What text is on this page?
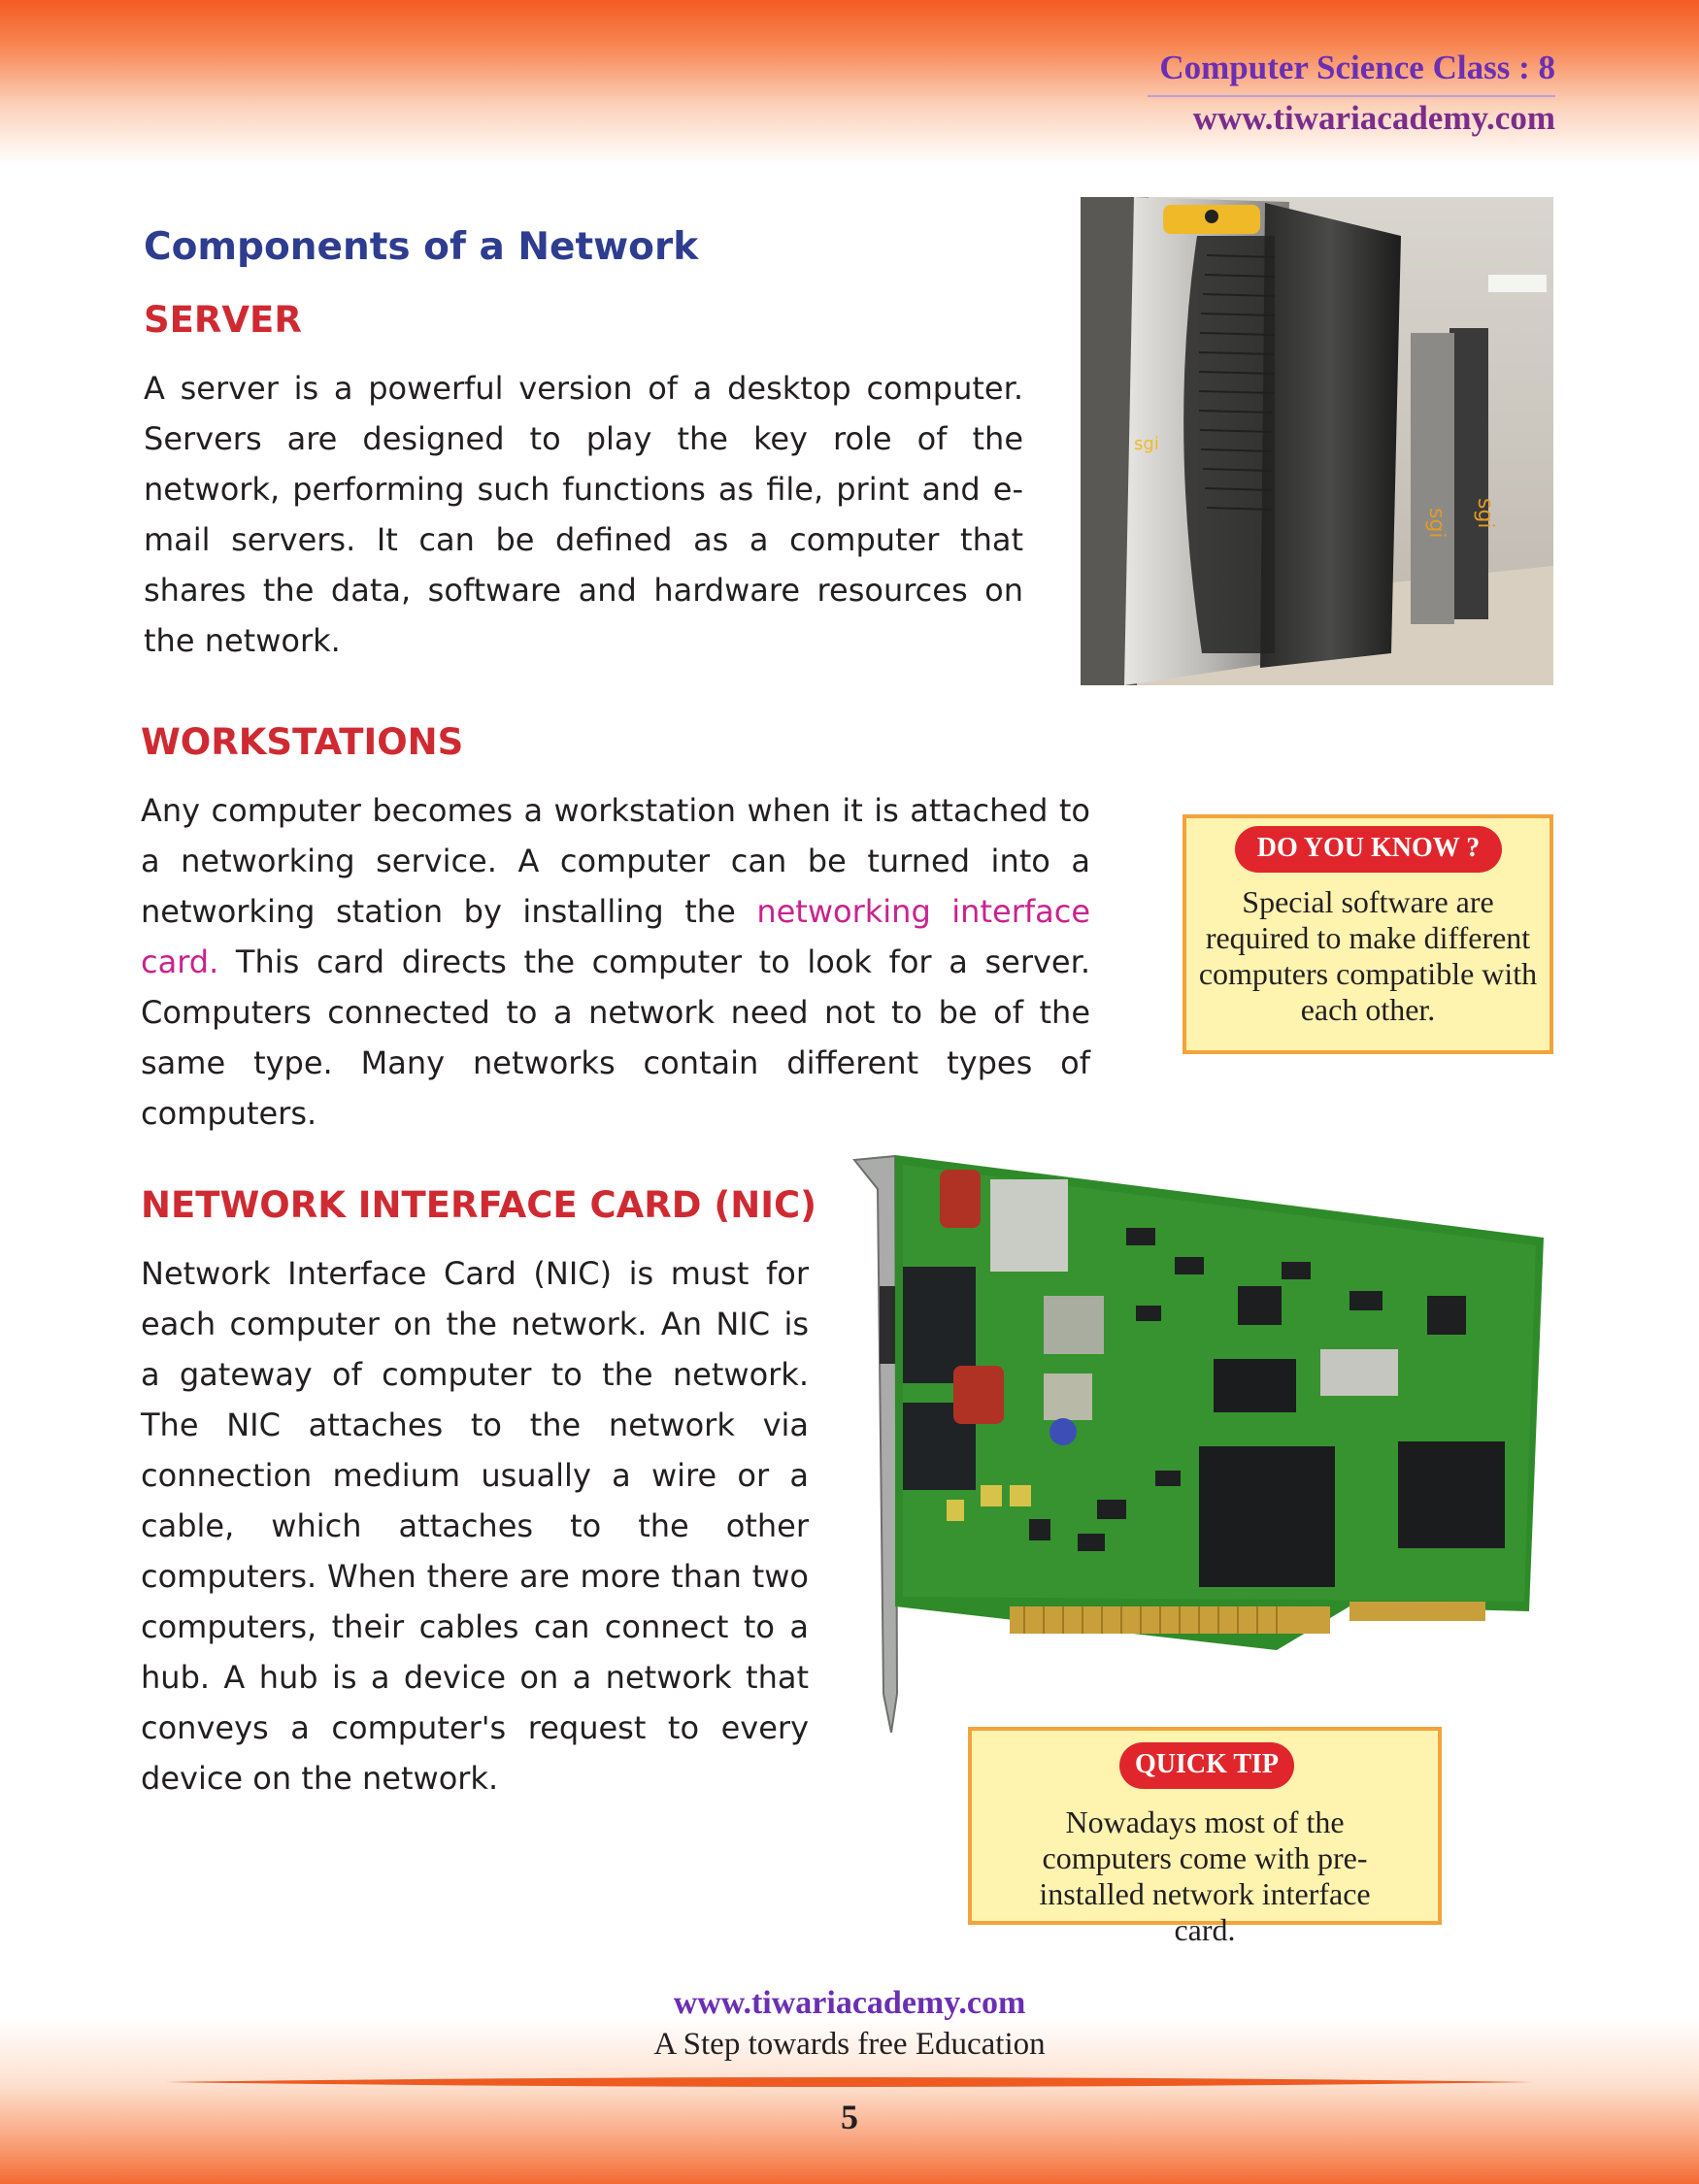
Computer Science Class : 8
www.tiwariacademy.com
Components of a Network
SERVER
A server is a powerful version of a desktop computer. Servers are designed to play the key role of the network, performing such functions as file, print and e-mail servers. It can be defined as a computer that shares the data, software and hardware resources on the network.
sgi sgi
sgi
WORKSTATIONS
Any computer becomes a workstation when it is attached to a networking service. A computer can be turned into a networking station by installing the networking interface card. This card directs the computer to look for a server. Computers connected to a network need not to be of the same type. Many networks contain different types of computers.
DO YOU KNOW ?
Special software are required to make different computers compatible with each other.
NETWORK INTERFACE CARD (NIC)
Network Interface Card (NIC) is must for each computer on the network. An NIC is a gateway of computer to the network. The NIC attaches to the network via connection medium usually a wire or a cable, which attaches to the other computers. When there are more than two computers, their cables can connect to a hub. A hub is a device on a network that conveys a computer's request to every device on the network.	QUICK TIP
Nowadays most of the computers come with pre-installed network interface card.
www.tiwariacademy.com
A Step towards free Education
5
